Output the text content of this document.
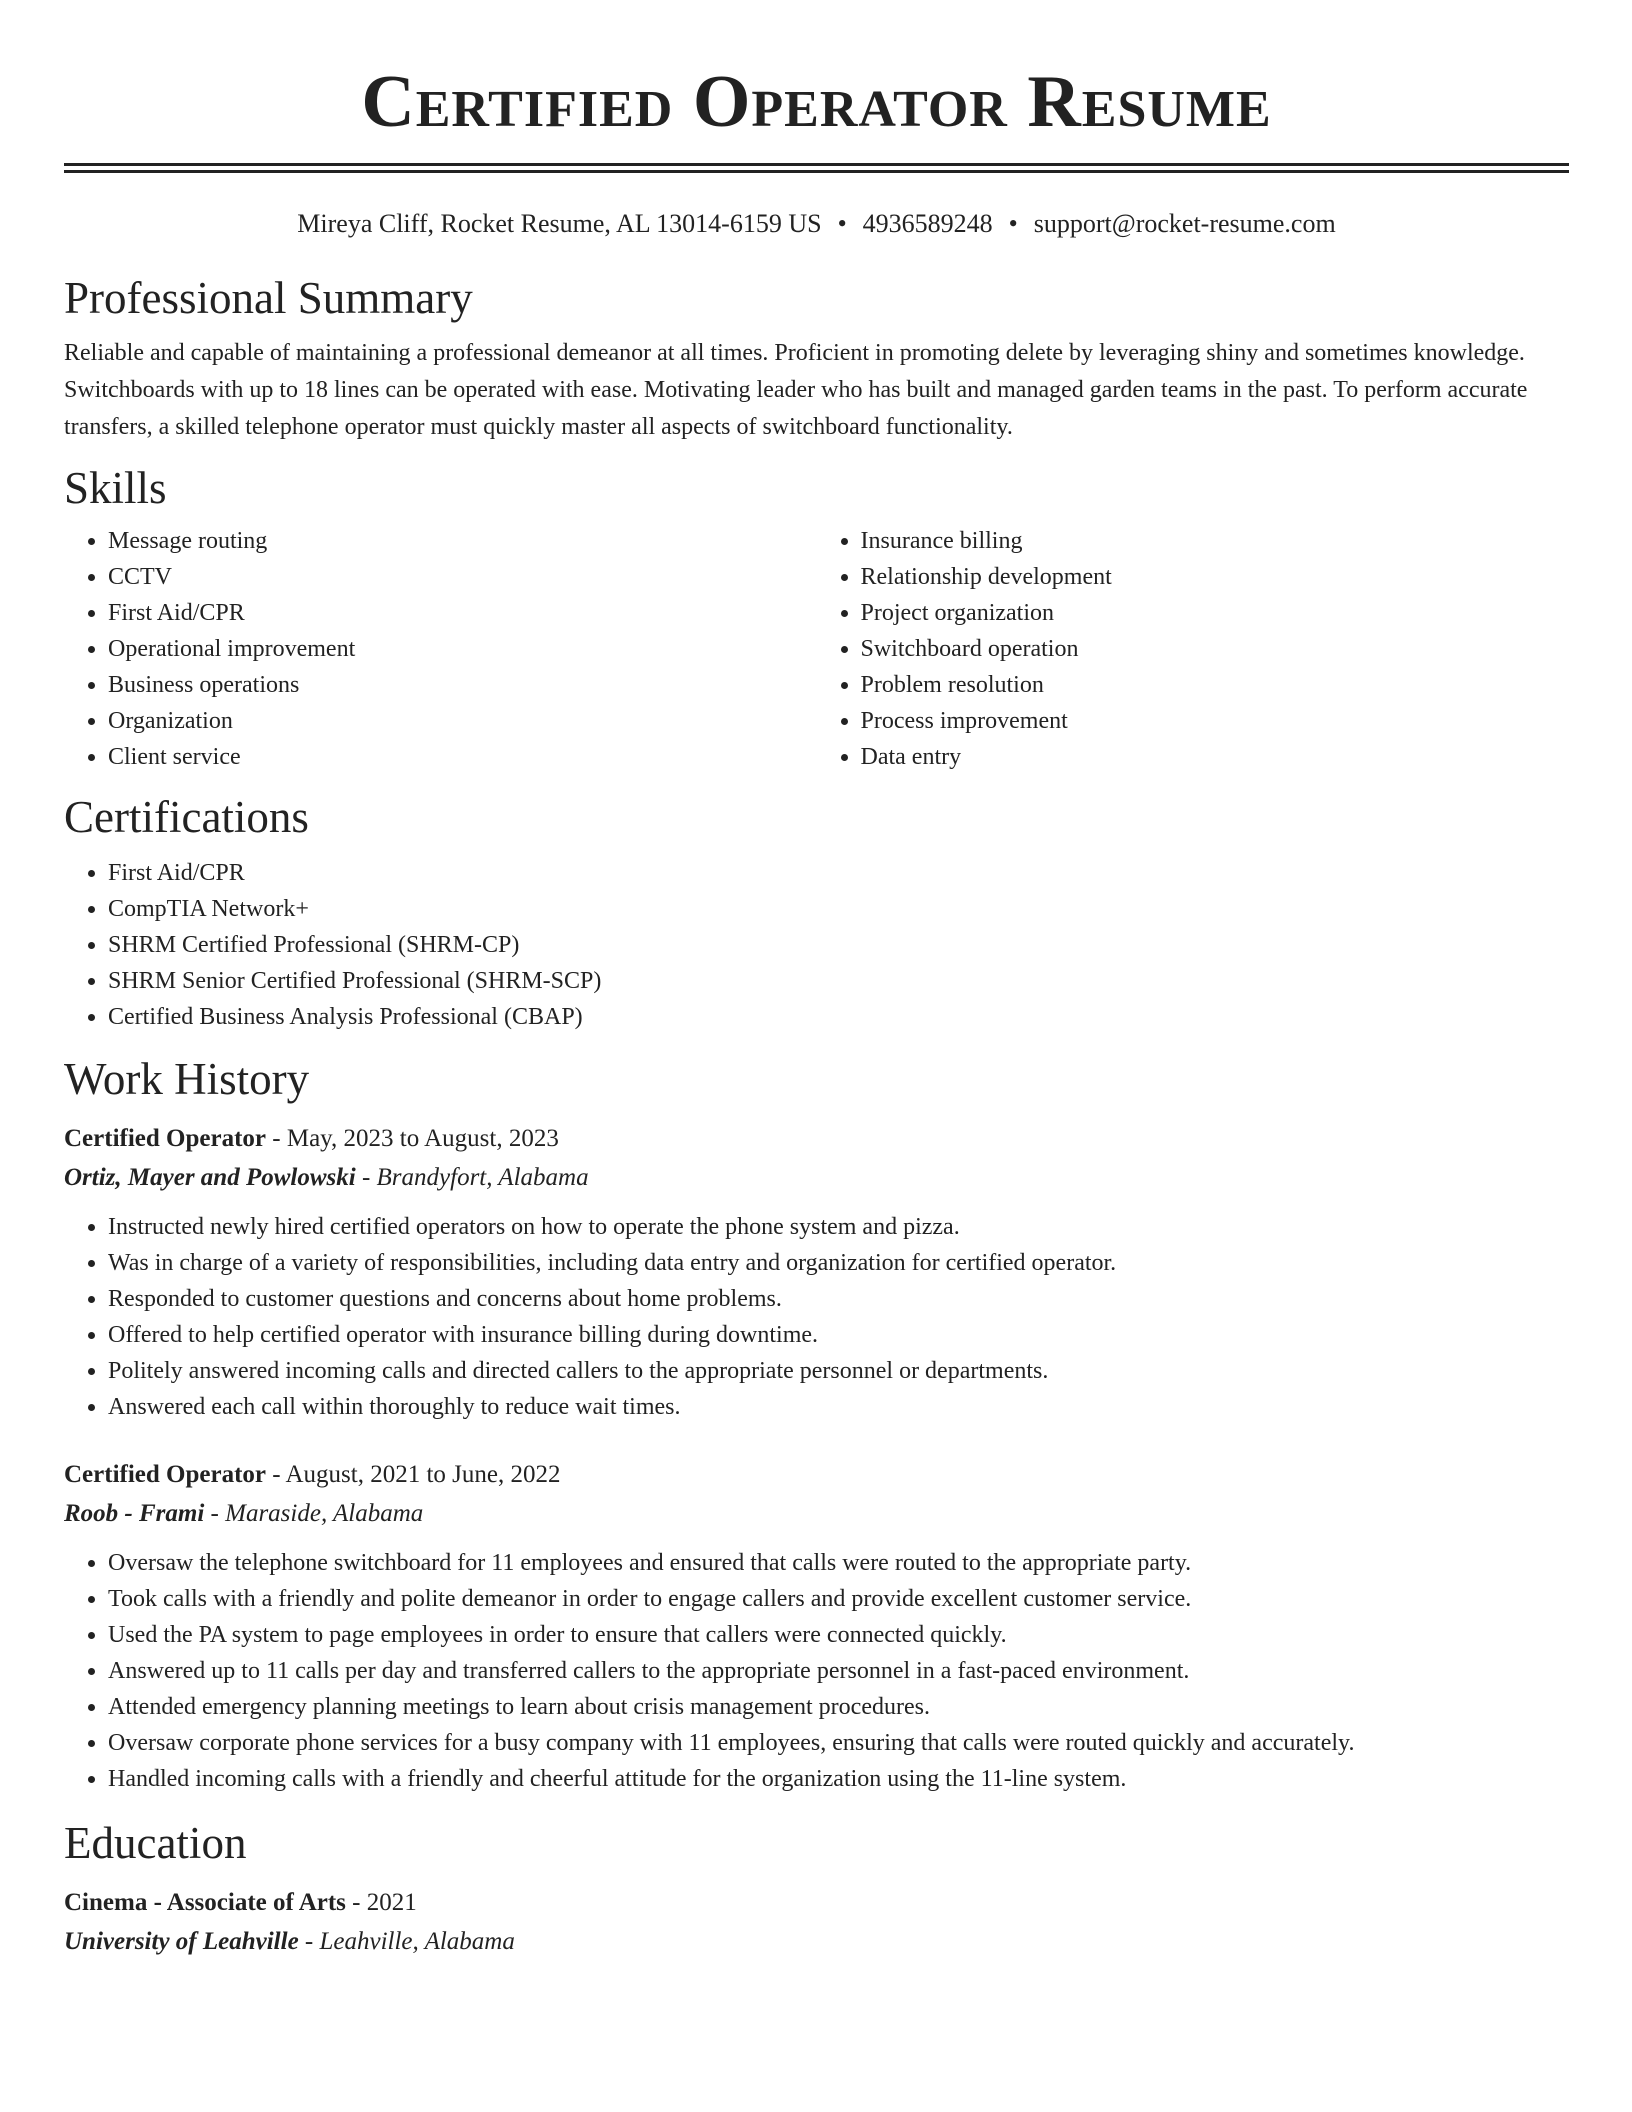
Certified Operator Resume
Mireya Cliff, Rocket Resume, AL 13014-6159 US • 4936589248 • support@rocket-resume.com
Professional Summary

Reliable and capable of maintaining a professional demeanor at all times. Proficient in promoting delete by leveraging shiny and sometimes knowledge. Switchboards with up to 18 lines can be operated with ease. Motivating leader who has built and managed garden teams in the past. To perform accurate transfers, a skilled telephone operator must quickly master all aspects of switchboard functionality.

Skills
• Message routing
• CCTV
• First Aid/CPR
• Operational improvement
• Business operations
• Organization
• Client service
• Insurance billing
• Relationship development
• Project organization
• Switchboard operation
• Problem resolution
• Process improvement
• Data entry
Certifications
• First Aid/CPR
• CompTIA Network+
• SHRM Certified Professional (SHRM-CP)
• SHRM Senior Certified Professional (SHRM-SCP)
• Certified Business Analysis Professional (CBAP)
Work History
Certified Operator - May, 2023 to August, 2023
Ortiz, Mayer and Powlowski - Brandyfort, Alabama
• Instructed newly hired certified operators on how to operate the phone system and pizza.
• Was in charge of a variety of responsibilities, including data entry and organization for certified operator.
• Responded to customer questions and concerns about home problems.
• Offered to help certified operator with insurance billing during downtime.
• Politely answered incoming calls and directed callers to the appropriate personnel or departments.
• Answered each call within thoroughly to reduce wait times.
Certified Operator - August, 2021 to June, 2022
Roob - Frami - Maraside, Alabama
• Oversaw the telephone switchboard for 11 employees and ensured that calls were routed to the appropriate party.
• Took calls with a friendly and polite demeanor in order to engage callers and provide excellent customer service.
• Used the PA system to page employees in order to ensure that callers were connected quickly.
• Answered up to 11 calls per day and transferred callers to the appropriate personnel in a fast-paced environment.
• Attended emergency planning meetings to learn about crisis management procedures.
• Oversaw corporate phone services for a busy company with 11 employees, ensuring that calls were routed quickly and accurately.
• Handled incoming calls with a friendly and cheerful attitude for the organization using the 11-line system.
Education
Cinema - Associate of Arts - 2021
University of Leahville - Leahville, Alabama
